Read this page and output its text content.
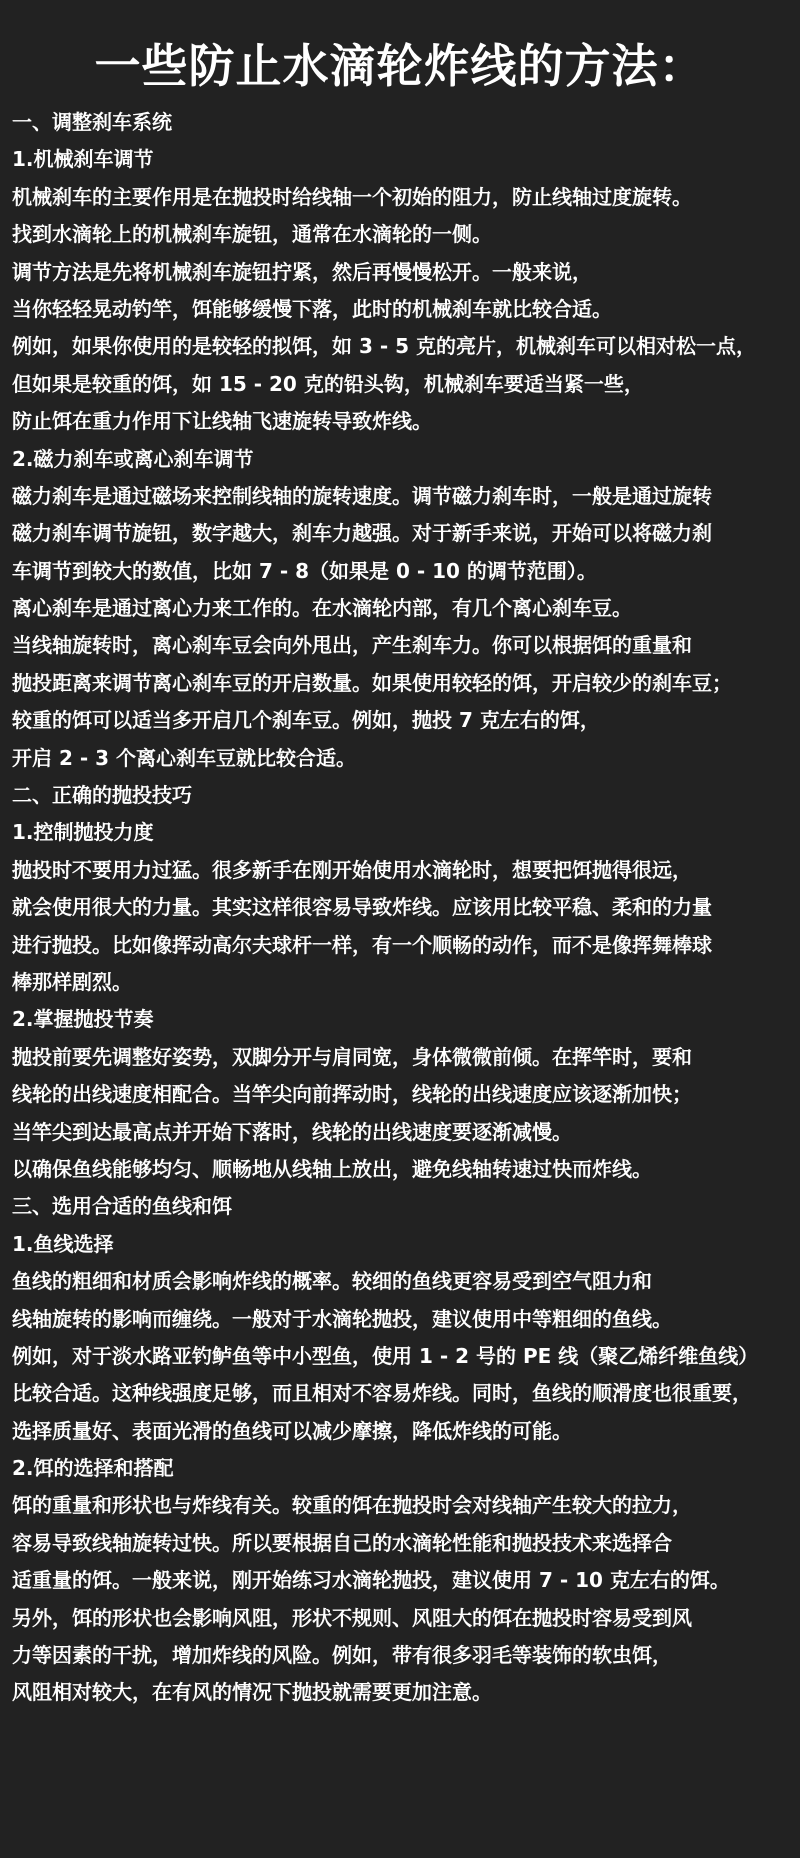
一些防止水滴轮炸线的方法：
一、调整刹车系统
1.机械刹车调节
机械刹车的主要作用是在抛投时给线轴一个初始的阻力，防止线轴过度旋转。
找到水滴轮上的机械刹车旋钮，通常在水滴轮的一侧。
调节方法是先将机械刹车旋钮拧紧，然后再慢慢松开。一般来说，
当你轻轻晃动钓竿，饵能够缓慢下落，此时的机械刹车就比较合适。
例如，如果你使用的是较轻的拟饵，如 3 - 5 克的亮片，机械刹车可以相对松一点，
但如果是较重的饵，如 15 - 20 克的铅头钩，机械刹车要适当紧一些，
防止饵在重力作用下让线轴飞速旋转导致炸线。
2.磁力刹车或离心刹车调节
磁力刹车是通过磁场来控制线轴的旋转速度。调节磁力刹车时，一般是通过旋转
磁力刹车调节旋钮，数字越大，刹车力越强。对于新手来说，开始可以将磁力刹
车调节到较大的数值，比如 7 - 8（如果是 0 - 10 的调节范围）。
离心刹车是通过离心力来工作的。在水滴轮内部，有几个离心刹车豆。
当线轴旋转时，离心刹车豆会向外甩出，产生刹车力。你可以根据饵的重量和
抛投距离来调节离心刹车豆的开启数量。如果使用较轻的饵，开启较少的刹车豆；
较重的饵可以适当多开启几个刹车豆。例如，抛投 7 克左右的饵，
开启 2 - 3 个离心刹车豆就比较合适。
二、正确的抛投技巧
1.控制抛投力度
抛投时不要用力过猛。很多新手在刚开始使用水滴轮时，想要把饵抛得很远，
就会使用很大的力量。其实这样很容易导致炸线。应该用比较平稳、柔和的力量
进行抛投。比如像挥动高尔夫球杆一样，有一个顺畅的动作，而不是像挥舞棒球
棒那样剧烈。
2.掌握抛投节奏
抛投前要先调整好姿势，双脚分开与肩同宽，身体微微前倾。在挥竿时，要和
线轮的出线速度相配合。当竿尖向前挥动时，线轮的出线速度应该逐渐加快；
当竿尖到达最高点并开始下落时，线轮的出线速度要逐渐减慢。
以确保鱼线能够均匀、顺畅地从线轴上放出，避免线轴转速过快而炸线。
三、选用合适的鱼线和饵
1.鱼线选择
鱼线的粗细和材质会影响炸线的概率。较细的鱼线更容易受到空气阻力和
线轴旋转的影响而缠绕。一般对于水滴轮抛投，建议使用中等粗细的鱼线。
例如，对于淡水路亚钓鲈鱼等中小型鱼，使用 1 - 2 号的 PE 线（聚乙烯纤维鱼线）
比较合适。这种线强度足够，而且相对不容易炸线。同时，鱼线的顺滑度也很重要，
选择质量好、表面光滑的鱼线可以减少摩擦，降低炸线的可能。
2.饵的选择和搭配
饵的重量和形状也与炸线有关。较重的饵在抛投时会对线轴产生较大的拉力，
容易导致线轴旋转过快。所以要根据自己的水滴轮性能和抛投技术来选择合
适重量的饵。一般来说，刚开始练习水滴轮抛投，建议使用 7 - 10 克左右的饵。
另外，饵的形状也会影响风阻，形状不规则、风阻大的饵在抛投时容易受到风
力等因素的干扰，增加炸线的风险。例如，带有很多羽毛等装饰的软虫饵，
风阻相对较大，在有风的情况下抛投就需要更加注意。
